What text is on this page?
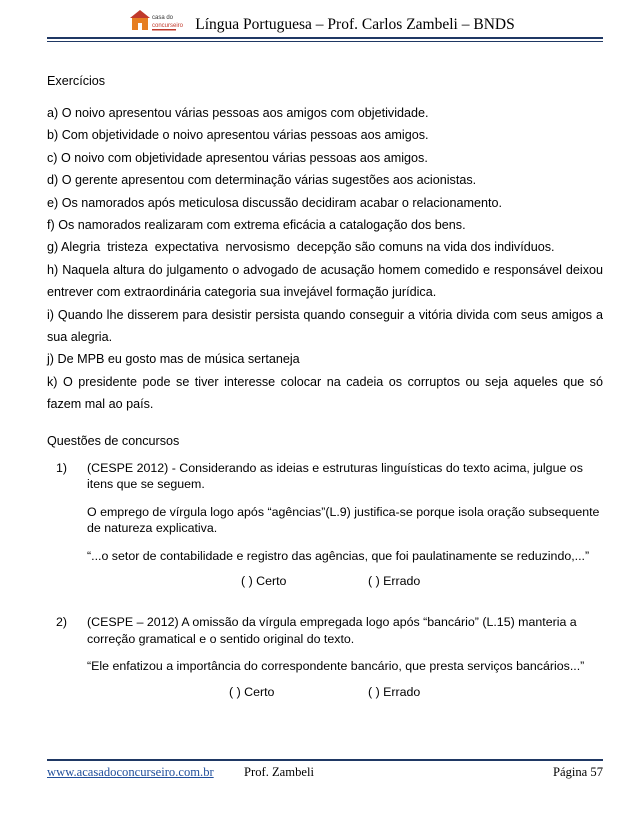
casa do
concurseiro Língua Portuguesa – Prof. Carlos Zambeli – BNDS

Exercícios

a) O noivo apresentou várias pessoas aos amigos com objetividade.

b) Com objetividade o noivo apresentou várias pessoas aos amigos.

c) O noivo com objetividade apresentou várias pessoas aos amigos.

d) O gerente apresentou com determinação várias sugestões aos acionistas.

e) Os namorados após meticulosa discussão decidiram acabar o relacionamento.

f) Os namorados realizaram com extrema eficácia a catalogação dos bens.

g) Alegria  tristeza  expectativa  nervosismo  decepção são comuns na vida dos indivíduos.

h) Naquela altura do julgamento o advogado de acusação homem comedido e responsável deixou entrever com extraordinária categoria sua invejável formação jurídica.

i) Quando lhe disserem para desistir persista quando conseguir a vitória divida com seus amigos a sua alegria.

j) De MPB eu gosto mas de música sertaneja

k) O presidente pode se tiver interesse colocar na cadeia os corruptos ou seja aqueles que só fazem mal ao país.

Questões de concursos

1) (CESPE 2012) - Considerando as ideias e estruturas linguísticas do texto acima, julgue os itens que se seguem.

O emprego de vírgula logo após “agências”(L.9) justifica-se porque isola oração subsequente de natureza explicativa.

“...o setor de contabilidade e registro das agências, que foi paulatinamente se reduzindo,...”

( ) Certo	( ) Errado
2) (CESPE – 2012) A omissão da vírgula empregada logo após “bancário” (L.15) manteria a correção gramatical e o sentido original do texto.

“Ele enfatizou a importância do correspondente bancário, que presta serviços bancários...”

( ) Certo	( ) Errado
www.acasadoconcurseiro.com.br Prof. Zambeli	Página 57
